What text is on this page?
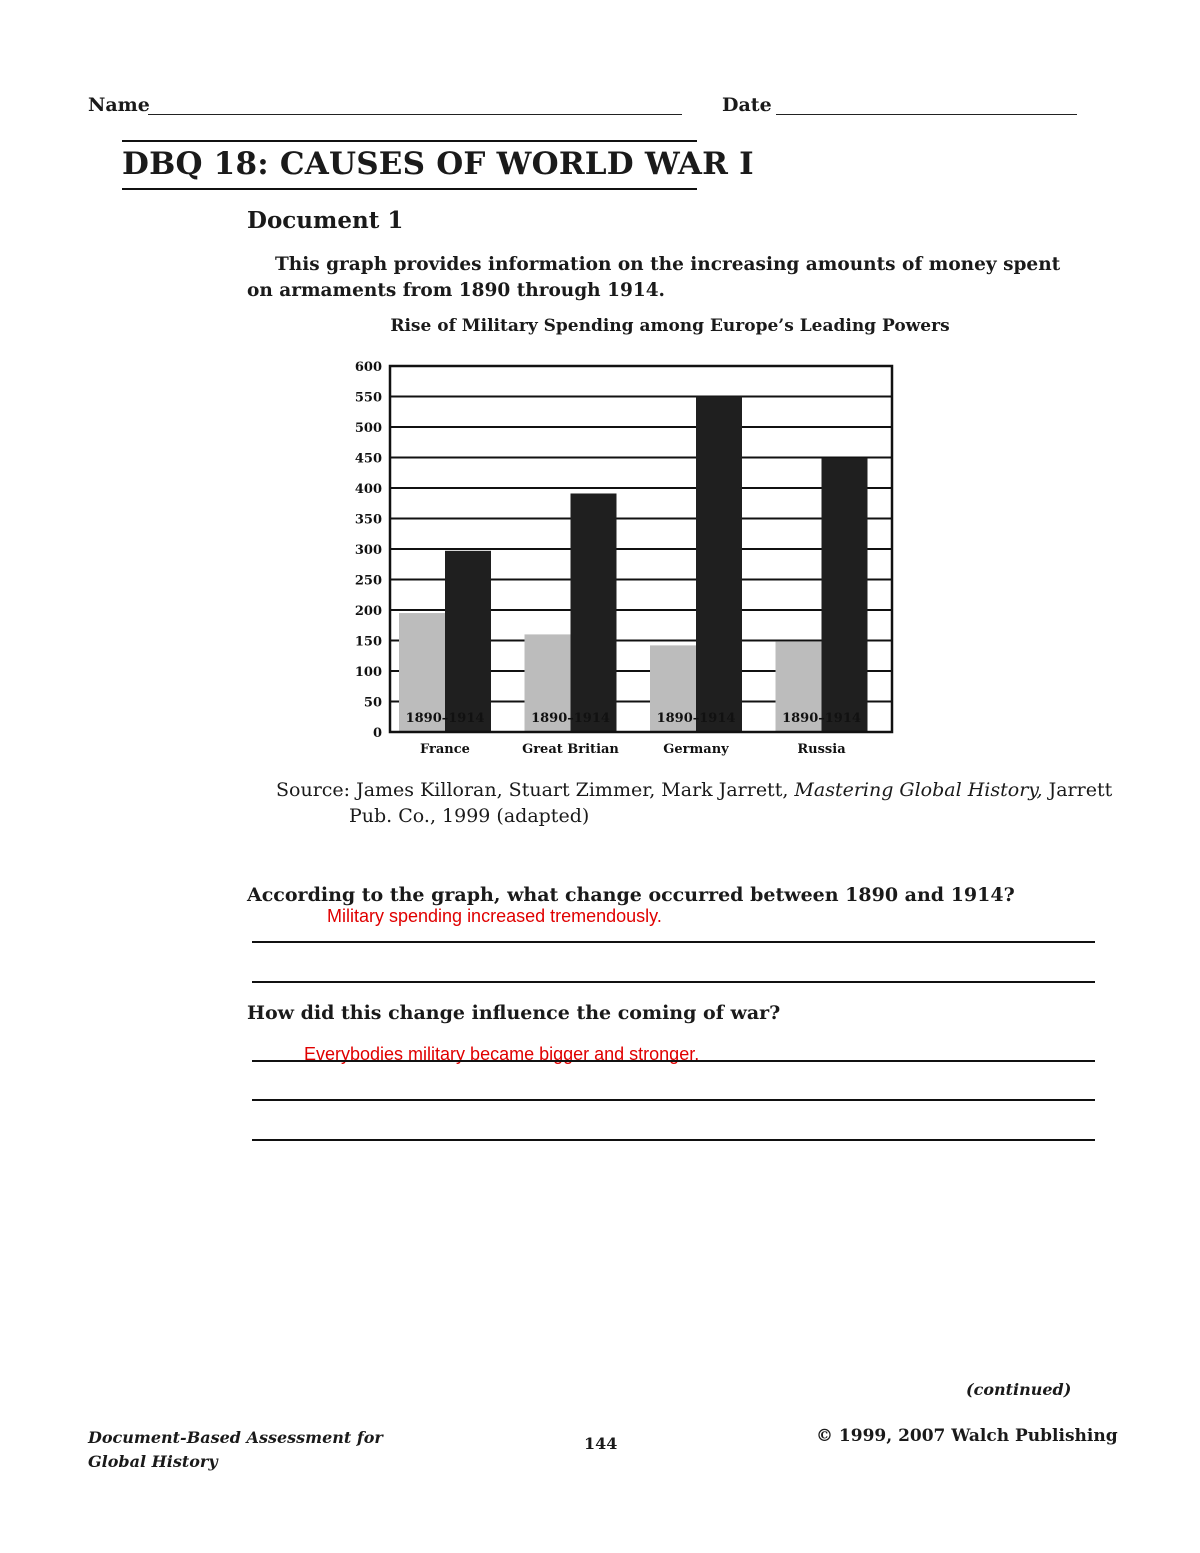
Name	Date
DBQ 18: CAUSES OF WORLD WAR I
Document 1
This graph provides information on the increasing amounts of money spent on armaments from 1890 through 1914.
Rise of Military Spending among Europe’s Leading Powers
0
50
100
150
200
250
300
350
400
450
500
550
600
1890–1914
France
1890–1914
Great Britian
1890–1914
Germany
1890–1914
Russia
Source: James Killoran, Stuart Zimmer, Mark Jarrett, Mastering Global History, Jarrett
Pub. Co., 1999 (adapted)
According to the graph, what change occurred between 1890 and 1914?
Military spending increased tremendously.
How did this change influence the coming of war?
Everybodies military became bigger and stronger.
(continued)
Document-Based Assessment for
Global History
144	© 1999, 2007 Walch Publishing
